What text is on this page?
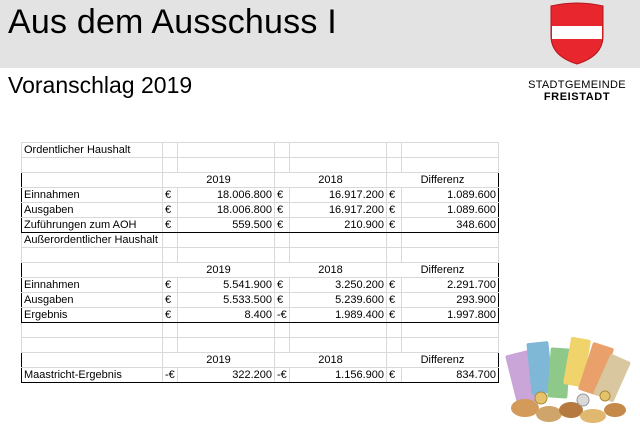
Aus dem Ausschuss I
Voranschlag 2019	STADTGEMEINDE
FREISTADT
Ordentlicher Haushalt						

	2019		2018		Differenz	
Einnahmen	€	18.006.800	€	16.917.200	€	1.089.600
Ausgaben	€	18.006.800	€	16.917.200	€	1.089.600
Zuführungen zum AOH	€	559.500	€	210.900	€	348.600
Außerordentlicher Haushalt						

	2019		2018		Differenz	
Einnahmen	€	5.541.900	€	3.250.200	€	2.291.700
Ausgaben	€	5.533.500	€	5.239.600	€	293.900
Ergebnis	€	8.400	-€	1.989.400	€	1.997.800

	2019		2018		Differenz	
Maastricht-Ergebnis	-€	322.200	-€	1.156.900	€	834.700
